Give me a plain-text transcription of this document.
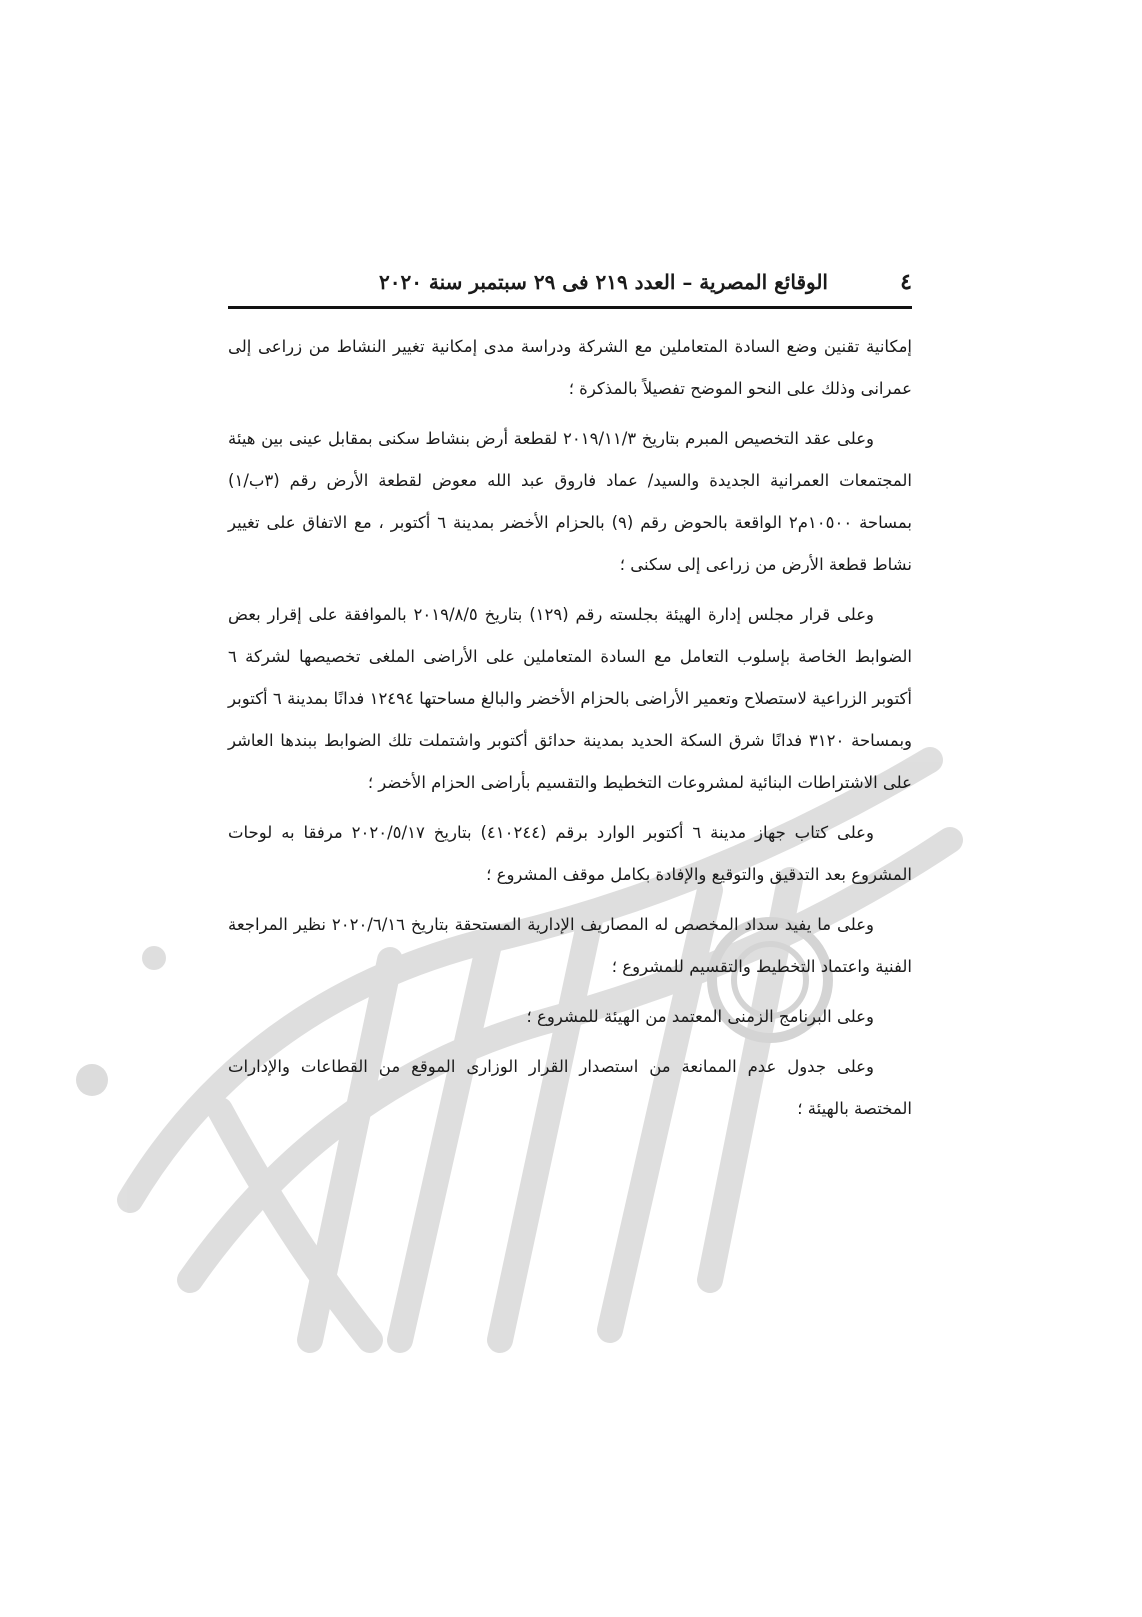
٤
الوقائع المصرية – العدد ٢١٩ فى ٢٩ سبتمبر سنة ٢٠٢٠

إمكانية تقنين وضع السادة المتعاملين مع الشركة ودراسة مدى إمكانية تغيير النشاط من زراعى إلى عمرانى وذلك على النحو الموضح تفصيلاً بالمذكرة ؛

وعلى عقد التخصيص المبرم بتاريخ ٢٠١٩/١١/٣ لقطعة أرض بنشاط سكنى بمقابل عينى بين هيئة المجتمعات العمرانية الجديدة والسيد/ عماد فاروق عبد الله معوض لقطعة الأرض رقم (٣ب/١) بمساحة ١٠٥٠٠م٢ الواقعة بالحوض رقم (٩) بالحزام الأخضر بمدينة ٦ أكتوبر ، مع الاتفاق على تغيير نشاط قطعة الأرض من زراعى إلى سكنى ؛

وعلى قرار مجلس إدارة الهيئة بجلسته رقم (١٢٩) بتاريخ ٢٠١٩/٨/٥ بالموافقة على إقرار بعض الضوابط الخاصة بإسلوب التعامل مع السادة المتعاملين على الأراضى الملغى تخصيصها لشركة ٦ أكتوبر الزراعية لاستصلاح وتعمير الأراضى بالحزام الأخضر والبالغ مساحتها ١٢٤٩٤ فدانًا بمدينة ٦ أكتوبر وبمساحة ٣١٢٠ فدانًا شرق السكة الحديد بمدينة حدائق أكتوبر واشتملت تلك الضوابط ببندها العاشر على الاشتراطات البنائية لمشروعات التخطيط والتقسيم بأراضى الحزام الأخضر ؛

وعلى كتاب جهاز مدينة ٦ أكتوبر الوارد برقم (٤١٠٢٤٤) بتاريخ ٢٠٢٠/٥/١٧ مرفقا به لوحات المشروع بعد التدقيق والتوقيع والإفادة بكامل موقف المشروع ؛

وعلى ما يفيد سداد المخصص له المصاريف الإدارية المستحقة بتاريخ ٢٠٢٠/٦/١٦ نظير المراجعة الفنية واعتماد التخطيط والتقسيم للمشروع ؛

وعلى البرنامج الزمنى المعتمد من الهيئة للمشروع ؛

وعلى جدول عدم الممانعة من استصدار القرار الوزارى الموقع من القطاعات والإدارات المختصة بالهيئة ؛
